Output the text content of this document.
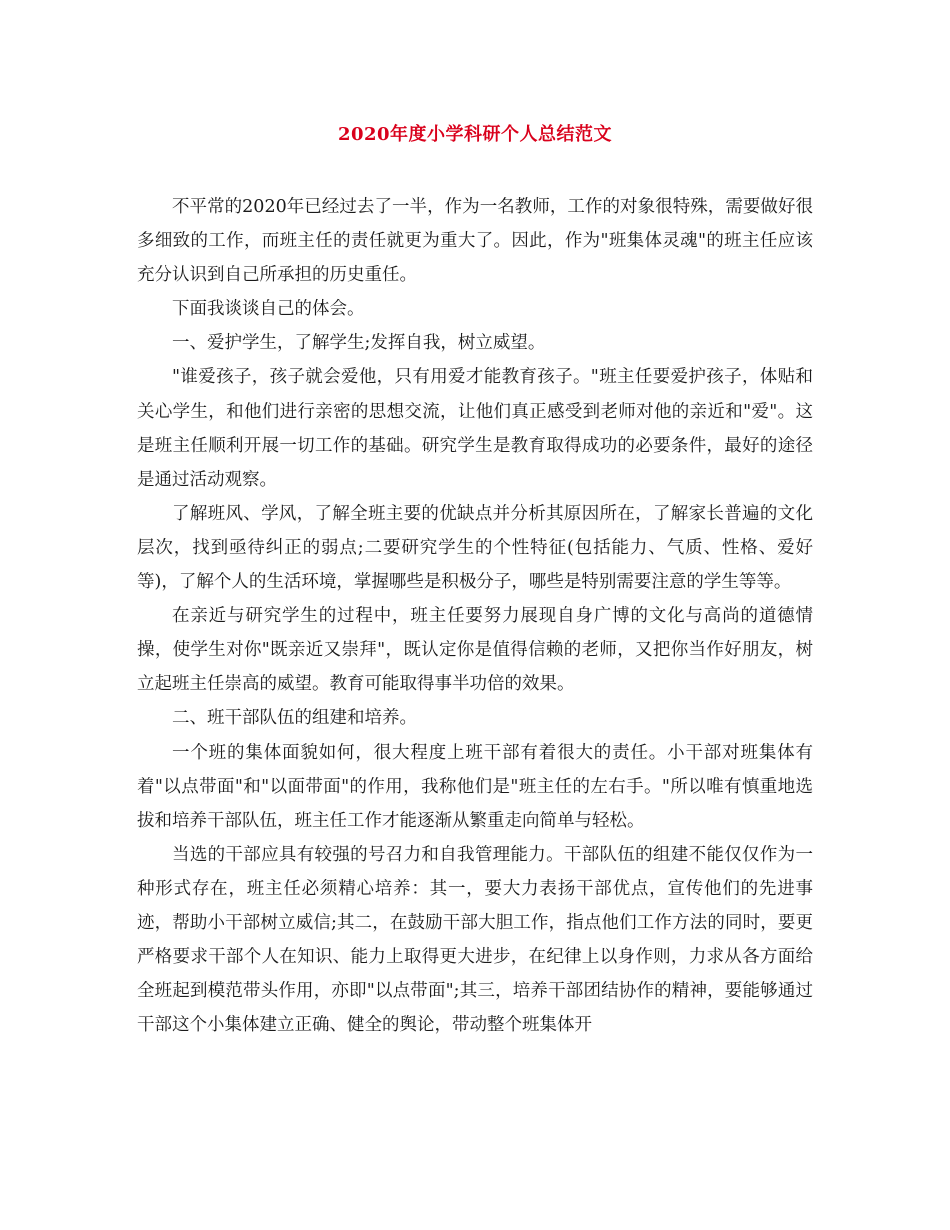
2020年度小学科研个人总结范文

不平常的2020年已经过去了一半，作为一名教师，工作的对象很特殊，需要做好很多细致的工作，而班主任的责任就更为重大了。因此，作为"班集体灵魂"的班主任应该充分认识到自己所承担的历史重任。

下面我谈谈自己的体会。

一、爱护学生，了解学生;发挥自我，树立威望。

"谁爱孩子，孩子就会爱他，只有用爱才能教育孩子。"班主任要爱护孩子，体贴和关心学生，和他们进行亲密的思想交流，让他们真正感受到老师对他的亲近和"爱"。这是班主任顺利开展一切工作的基础。研究学生是教育取得成功的必要条件，最好的途径是通过活动观察。

了解班风、学风，了解全班主要的优缺点并分析其原因所在，了解家长普遍的文化层次，找到亟待纠正的弱点;二要研究学生的个性特征(包括能力、气质、性格、爱好等)，了解个人的生活环境，掌握哪些是积极分子，哪些是特别需要注意的学生等等。

在亲近与研究学生的过程中，班主任要努力展现自身广博的文化与高尚的道德情操，使学生对你"既亲近又崇拜"，既认定你是值得信赖的老师，又把你当作好朋友，树立起班主任崇高的威望。教育可能取得事半功倍的效果。

二、班干部队伍的组建和培养。

一个班的集体面貌如何，很大程度上班干部有着很大的责任。小干部对班集体有着"以点带面"和"以面带面"的作用，我称他们是"班主任的左右手。"所以唯有慎重地选拔和培养干部队伍，班主任工作才能逐渐从繁重走向简单与轻松。

当选的干部应具有较强的号召力和自我管理能力。干部队伍的组建不能仅仅作为一种形式存在，班主任必须精心培养：其一，要大力表扬干部优点，宣传他们的先进事迹，帮助小干部树立威信;其二，在鼓励干部大胆工作，指点他们工作方法的同时，要更严格要求干部个人在知识、能力上取得更大进步，在纪律上以身作则，力求从各方面给全班起到模范带头作用，亦即"以点带面";其三，培养干部团结协作的精神，要能够通过干部这个小集体建立正确、健全的舆论，带动整个班集体开
